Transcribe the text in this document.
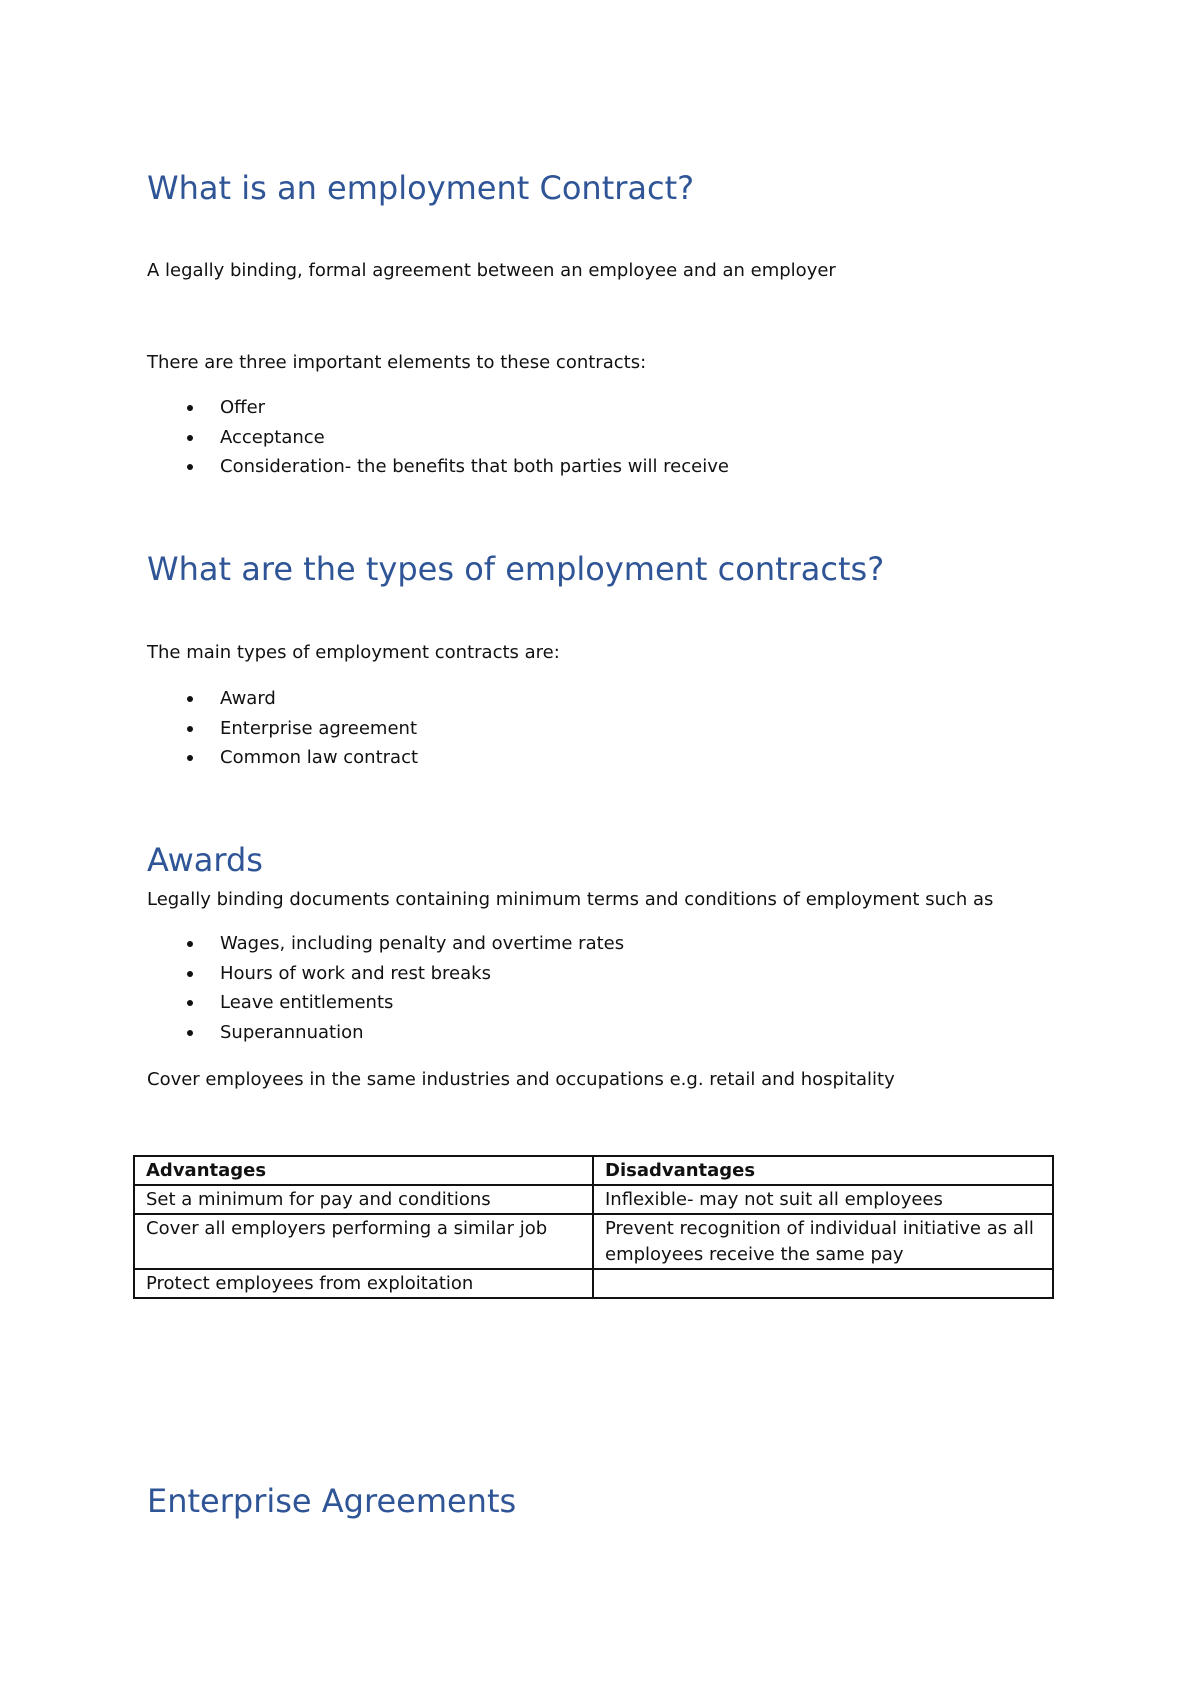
What is an employment Contract?

A legally binding, formal agreement between an employee and an employer

There are three important elements to these contracts:

Offer
Acceptance
Consideration- the benefits that both parties will receive
What are the types of employment contracts?

The main types of employment contracts are:

Award
Enterprise agreement
Common law contract
Awards

Legally binding documents containing minimum terms and conditions of employment such as

Wages, including penalty and overtime rates
Hours of work and rest breaks
Leave entitlements
Superannuation

Cover employees in the same industries and occupations e.g. retail and hospitality

Advantages	Disadvantages
Set a minimum for pay and conditions	Inflexible- may not suit all employees
Cover all employers performing a similar job	Prevent recognition of individual initiative as all employees receive the same pay
Protect employees from exploitation	
Enterprise Agreements
